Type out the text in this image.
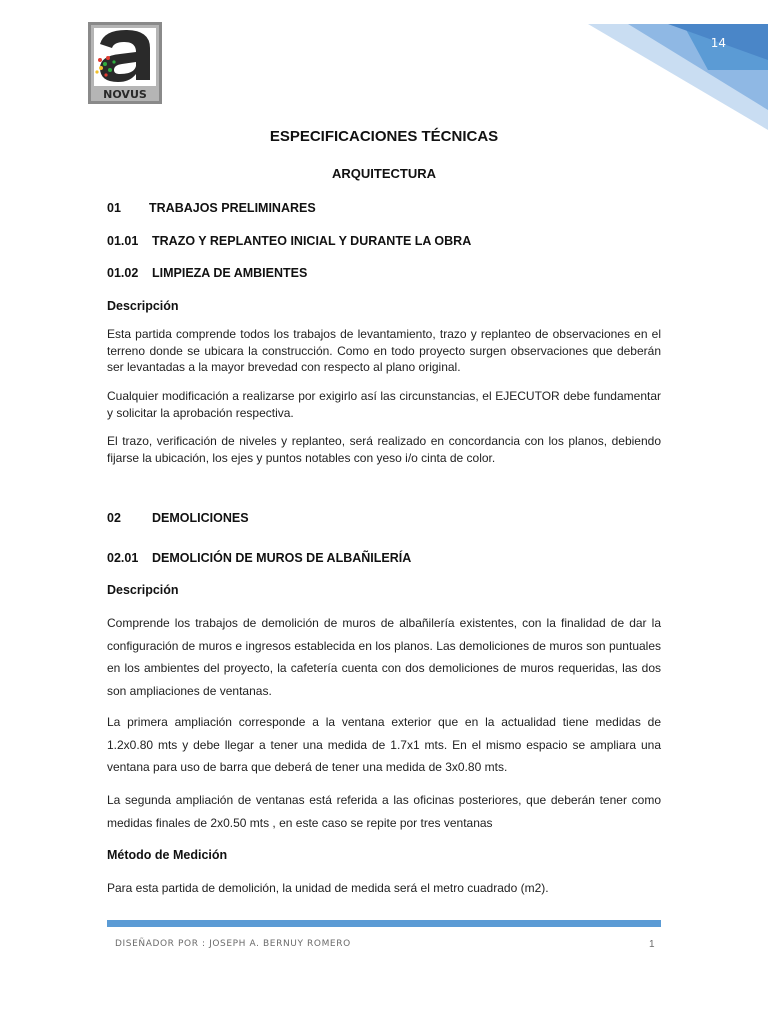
14
NOVUS
ESPECIFICACIONES TÉCNICAS
ARQUITECTURA
01 TRABAJOS PRELIMINARES
01.01 TRAZO Y REPLANTEO INICIAL Y DURANTE LA OBRA
01.02 LIMPIEZA DE AMBIENTES
Descripción

Esta partida comprende todos los trabajos de levantamiento, trazo y replanteo de observaciones en el terreno donde se ubicara la construcción. Como en todo proyecto surgen observaciones que deberán ser levantadas a la mayor brevedad con respecto al plano original.

Cualquier modificación a realizarse por exigirlo así las circunstancias, el EJECUTOR debe fundamentar y solicitar la aprobación respectiva.

El trazo, verificación de niveles y replanteo, será realizado en concordancia con los planos, debiendo fijarse la ubicación, los ejes y puntos notables con yeso i/o cinta de color.

02 DEMOLICIONES
02.01 DEMOLICIÓN DE MUROS DE ALBAÑILERÍA
Descripción

Comprende los trabajos de demolición de muros de albañilería existentes, con la finalidad de dar la configuración de muros e ingresos establecida en los planos. Las demoliciones de muros son puntuales en los ambientes del proyecto, la cafetería cuenta con dos demoliciones de muros requeridas, las dos son ampliaciones de ventanas.

La primera ampliación corresponde a la ventana exterior que en la actualidad tiene medidas de 1.2x0.80 mts y debe llegar a tener una medida de 1.7x1 mts. En el mismo espacio se ampliara una ventana para uso de barra que deberá de tener una medida de 3x0.80 mts.

La segunda ampliación de ventanas está referida a las oficinas posteriores, que deberán tener como medidas finales de 2x0.50 mts , en este caso se repite por tres ventanas

Método de Medición

Para esta partida de demolición, la unidad de medida será el metro cuadrado (m2).

DISEÑADOR POR : JOSEPH A. BERNUY ROMERO	1
